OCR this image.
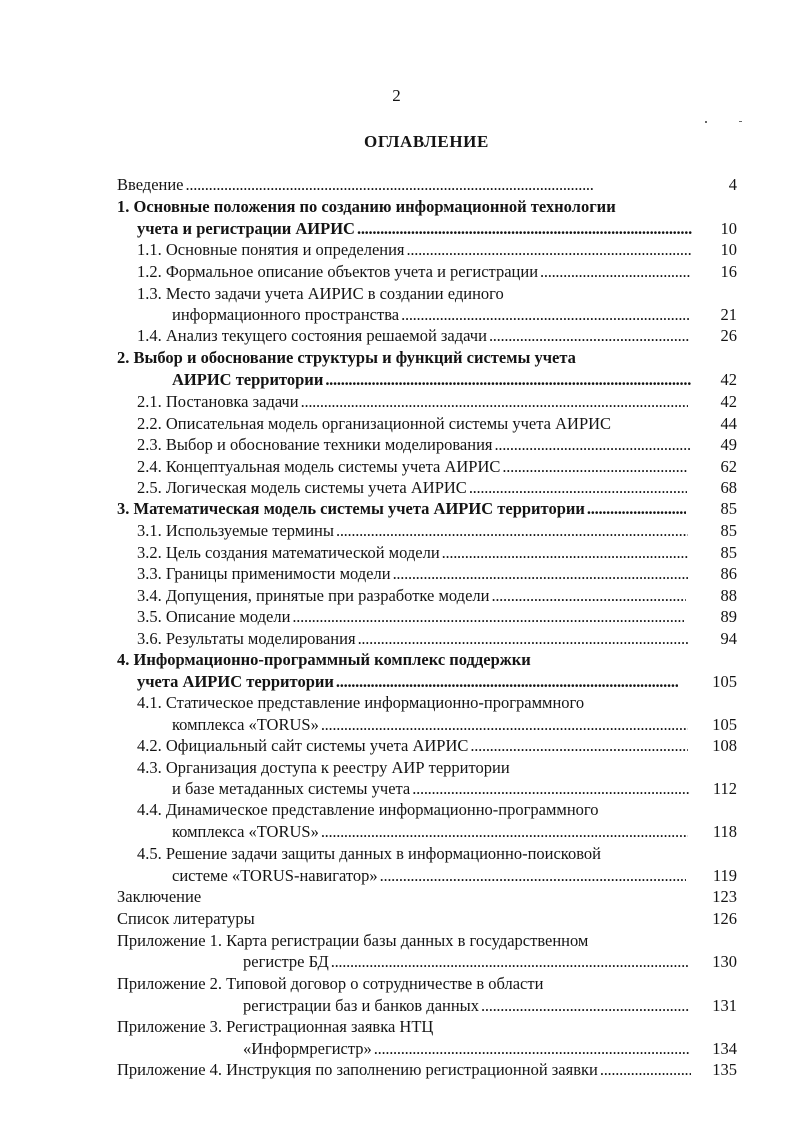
2
ОГЛАВЛЕНИЕ
Введение . . .	4
1. Основные положения по созданию информационной технологии
учета и регистрации АИРИС . . .	10
1.1. Основные понятия и определения . . .	10
1.2. Формальное описание объектов учета и регистрации . . .	16
1.3. Место задачи учета АИРИС в создании единого
информационного пространства . . .	21
1.4. Анализ текущего состояния решаемой задачи . . .	26
2. Выбор и обоснование структуры и функций системы учета
АИРИС территории . . .	42
2.1. Постановка задачи . . .	42
2.2. Описательная модель организационной системы учета АИРИС	44
2.3. Выбор и обоснование техники моделирования . . .	49
2.4. Концептуальная модель системы учета АИРИС . . .	62
2.5. Логическая модель системы учета АИРИС . . .	68
3. Математическая модель системы учета АИРИС территории . . .	85
3.1. Используемые термины . . .	85
3.2. Цель создания математической модели . . .	85
3.3. Границы применимости модели . . .	86
3.4. Допущения, принятые при разработке модели . . .	88
3.5. Описание модели . . .	89
3.6. Результаты моделирования . . .	94
4. Информационно-программный комплекс поддержки
учета АИРИС территории . . .	105
4.1. Статическое представление информационно-программного
комплекса «TORUS» . . .	105
4.2. Официальный сайт системы учета АИРИС . . .	108
4.3. Организация доступа к реестру АИР территории
и базе метаданных системы учета . . .	112
4.4. Динамическое представление информационно-программного
комплекса «TORUS» . . .	118
4.5. Решение задачи защиты данных в информационно-поисковой
системе «TORUS-навигатор» . . .	119
Заключение	123
Список литературы	126
Приложение 1. Карта регистрации базы данных в государственном
регистре БД . . .	130
Приложение 2. Типовой договор о сотрудничестве в области
регистрации баз и банков данных . . .	131
Приложение 3. Регистрационная заявка НТЦ
«Информрегистр» . . .	134
Приложение 4. Инструкция по заполнению регистрационной заявки . . .	135
